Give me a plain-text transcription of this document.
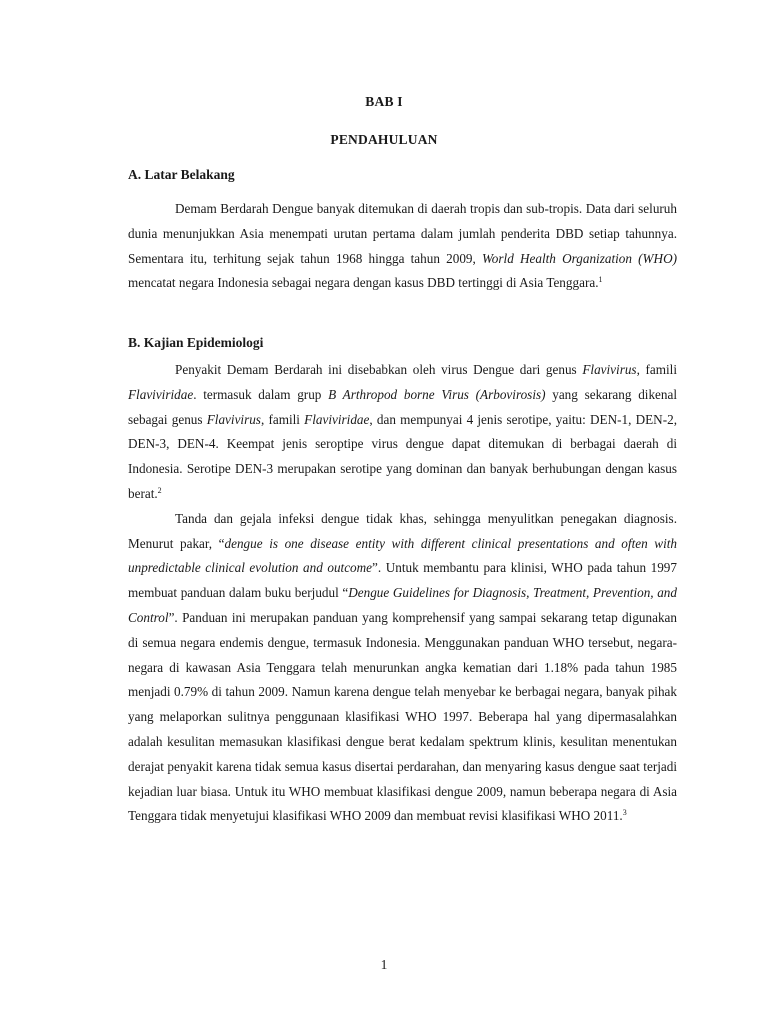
BAB I
PENDAHULUAN
A. Latar Belakang

Demam Berdarah Dengue banyak ditemukan di daerah tropis dan sub-tropis. Data dari seluruh dunia menunjukkan Asia menempati urutan pertama dalam jumlah penderita DBD setiap tahunnya. Sementara itu, terhitung sejak tahun 1968 hingga tahun 2009, World Health Organization (WHO) mencatat negara Indonesia sebagai negara dengan kasus DBD tertinggi di Asia Tenggara.$^1$

B. Kajian Epidemiologi

Penyakit Demam Berdarah ini disebabkan oleh virus Dengue dari genus Flavivirus, famili Flaviviridae. termasuk dalam grup B Arthropod borne Virus (Arbovirosis) yang sekarang dikenal sebagai genus Flavivirus, famili Flaviviridae, dan mempunyai 4 jenis serotipe, yaitu: DEN-1, DEN-2, DEN-3, DEN-4. Keempat jenis seroptipe virus dengue dapat ditemukan di berbagai daerah di Indonesia. Serotipe DEN-3 merupakan serotipe yang dominan dan banyak berhubungan dengan kasus berat.$^2$

Tanda dan gejala infeksi dengue tidak khas, sehingga menyulitkan penegakan diagnosis. Menurut pakar, “dengue is one disease entity with different clinical presentations and often with unpredictable clinical evolution and outcome”. Untuk membantu para klinisi, WHO pada tahun 1997 membuat panduan dalam buku berjudul “Dengue Guidelines for Diagnosis, Treatment, Prevention, and Control”. Panduan ini merupakan panduan yang komprehensif yang sampai sekarang tetap digunakan di semua negara endemis dengue, termasuk Indonesia. Menggunakan panduan WHO tersebut, negara-negara di kawasan Asia Tenggara telah menurunkan angka kematian dari 1.18% pada tahun 1985 menjadi 0.79% di tahun 2009. Namun karena dengue telah menyebar ke berbagai negara, banyak pihak yang melaporkan sulitnya penggunaan klasifikasi WHO 1997. Beberapa hal yang dipermasalahkan adalah kesulitan memasukan klasifikasi dengue berat kedalam spektrum klinis, kesulitan menentukan derajat penyakit karena tidak semua kasus disertai perdarahan, dan menyaring kasus dengue saat terjadi kejadian luar biasa. Untuk itu WHO membuat klasifikasi dengue 2009, namun beberapa negara di Asia Tenggara tidak menyetujui klasifikasi WHO 2009 dan membuat revisi klasifikasi WHO 2011.$^3$

1
